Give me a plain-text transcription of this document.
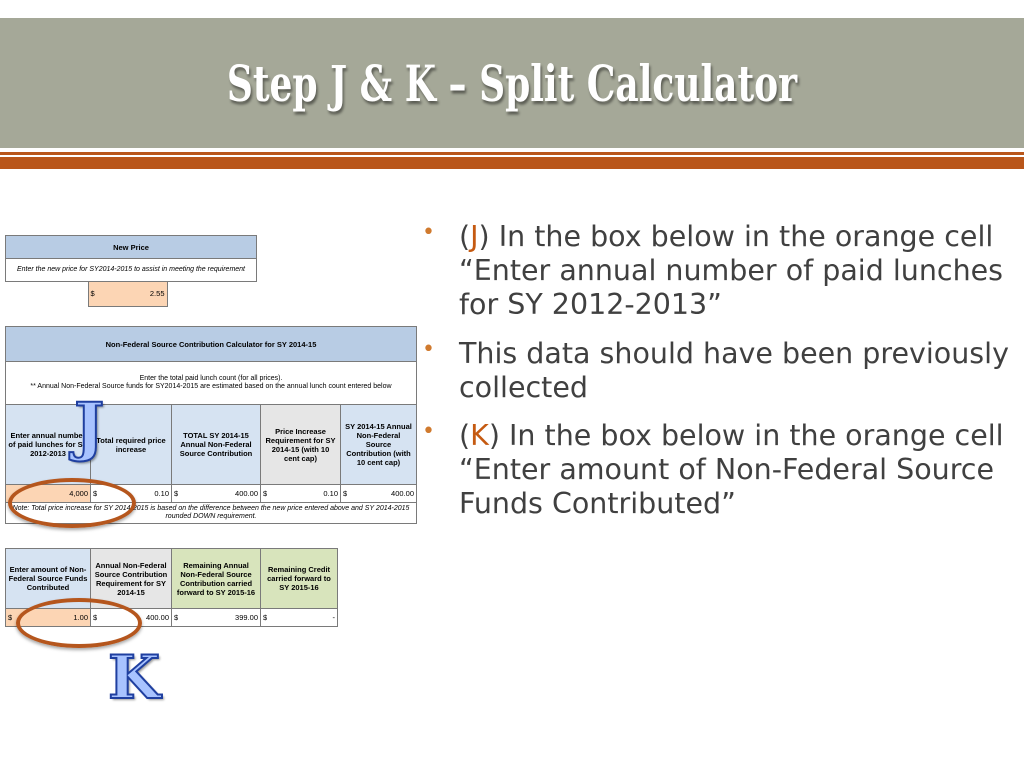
Step J & K – Split Calculator
New Price
Enter the new price for SY2014-2015 to assist in meeting the requirement

$	2.55

Non-Federal Source Contribution Calculator for SY 2014-15				

Enter the total paid lunch count (for all prices).
** Annual Non-Federal Source funds for SY2014-2015 are estimated based on the annual lunch count entered below				

Enter annual number of paid lunches for SY 2012-2013	Total required price increase	TOTAL SY 2014-15 Annual Non-Federal Source Contribution	Price Increase Requirement for SY 2014-15 (with 10 cent cap)	SY 2014-15 Annual Non-Federal Source Contribution (with 10 cent cap)
4,000	$ 0.10	$ 400.00	$ 0.10	$ 400.00

Note: Total price increase for SY 2014-2015 is based on the difference between the new price entered above and SY 2014-2015 rounded DOWN requirement.				
Enter amount of Non-Federal Source Funds Contributed	Annual Non-Federal Source Contribution Requirement for SY 2014-15	Remaining Annual Non-Federal Source Contribution carried forward to SY 2015-16	Remaining Credit carried forward to SY 2015-16

$ 1.00	$ 400.00	$ 399.00	$ -
J
K
• (J) In the box below in the orange cell “Enter annual number of paid lunches for SY 2012-2013”
• This data should have been previously collected
• (K) In the box below in the orange cell “Enter amount of Non-Federal Source Funds Contributed”
